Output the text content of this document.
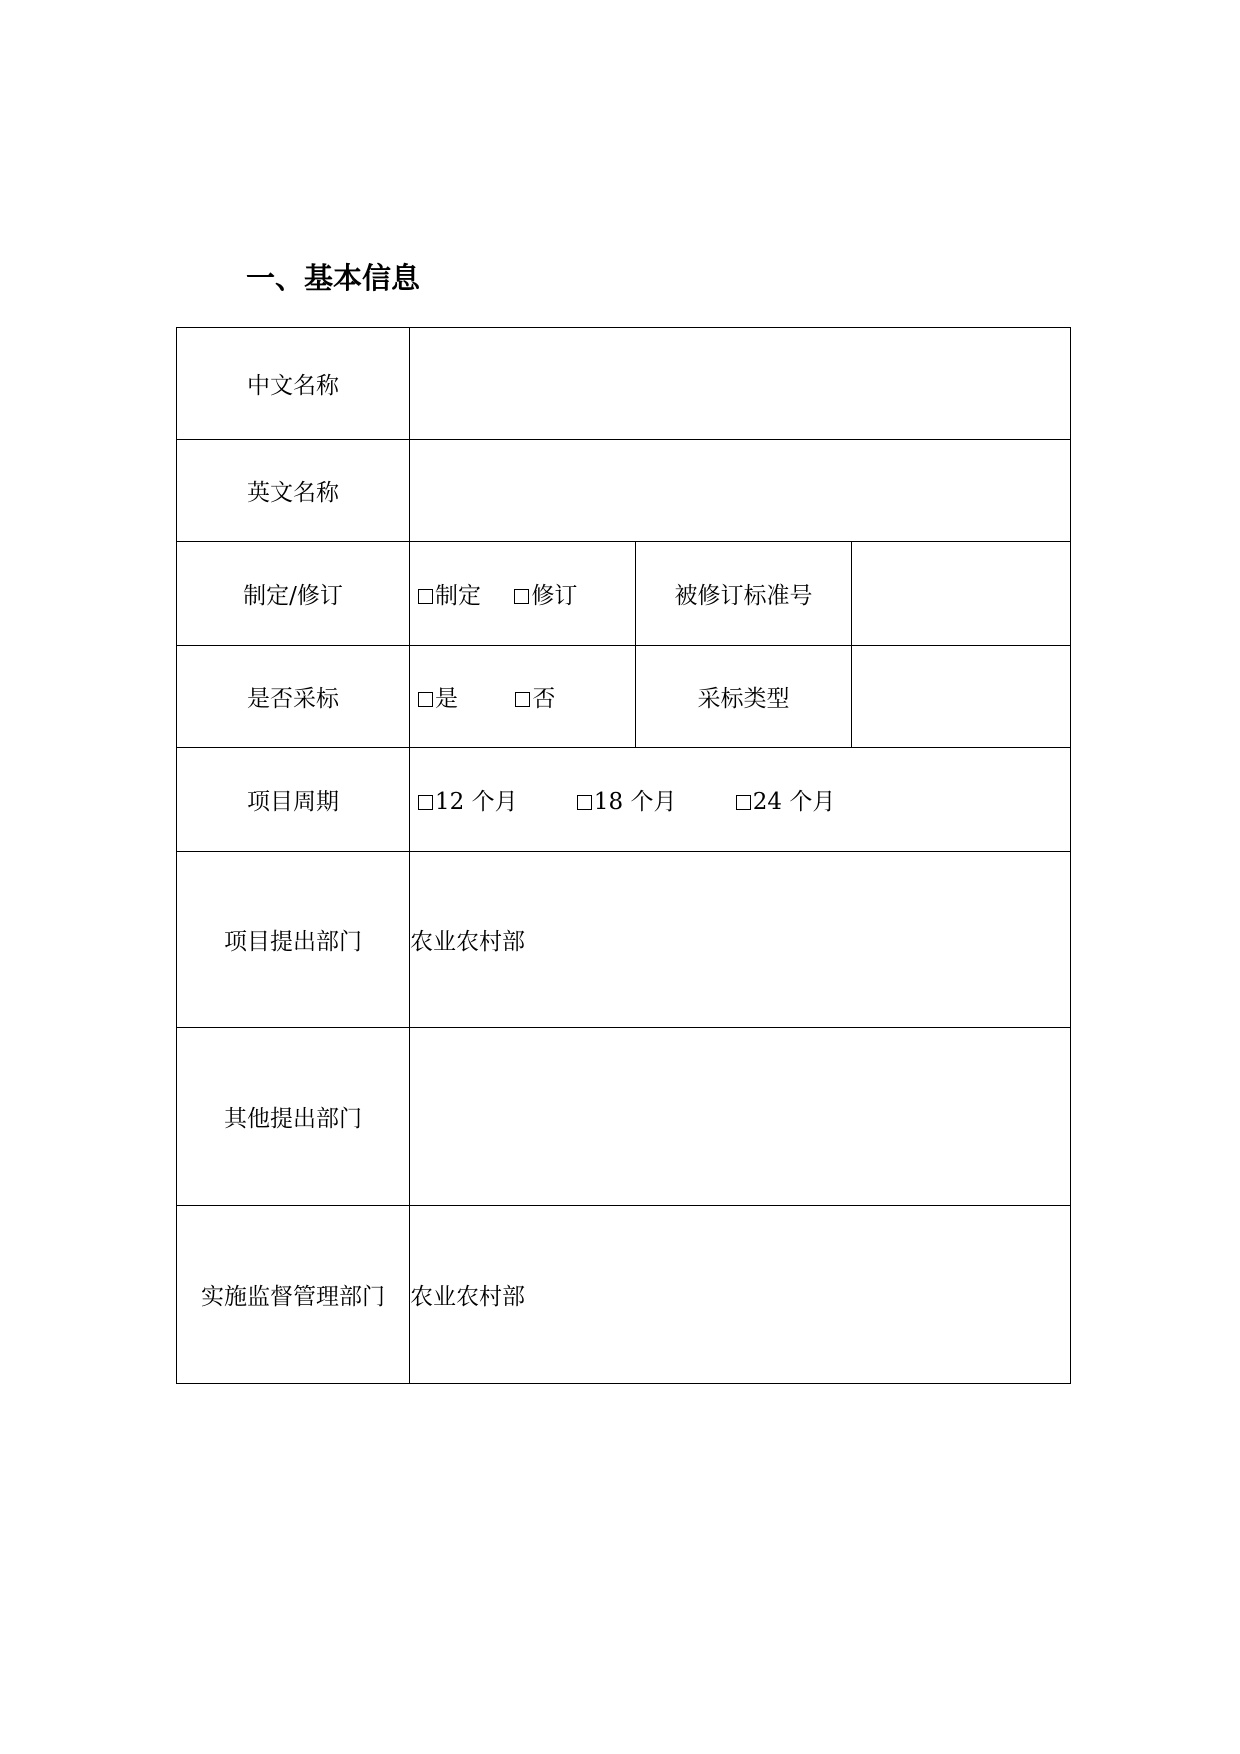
一、基本信息
中文名称			
英文名称			
制定/修订	制定 修订	被修订标准号	
是否采标	是 否	采标类型	
项目周期	12 个月 18 个月 24 个月		
项目提出部门	农业农村部		
其他提出部门			
实施监督管理部门	农业农村部		
